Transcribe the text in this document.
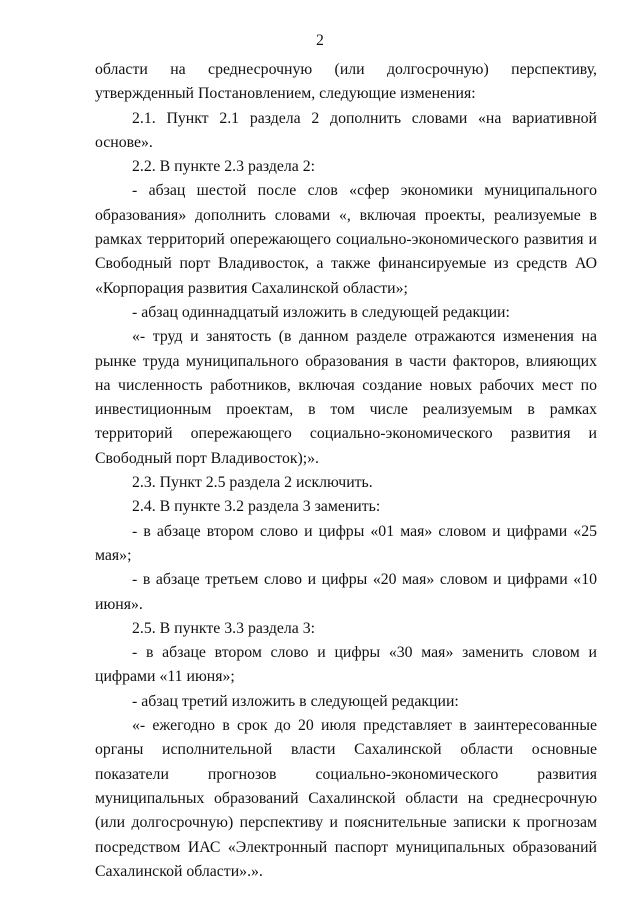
2

области на среднесрочную (или долгосрочную) перспективу, утвержденный Постановлением, следующие изменения:

2.1. Пункт 2.1 раздела 2 дополнить словами «на вариативной основе».

2.2. В пункте 2.3 раздела 2:

- абзац шестой после слов «сфер экономики муниципального образования» дополнить словами «, включая проекты, реализуемые в рамках территорий опережающего социально-экономического развития и Свободный порт Владивосток, а также финансируемые из средств АО «Корпорация развития Сахалинской области»;

- абзац одиннадцатый изложить в следующей редакции:

«- труд и занятость (в данном разделе отражаются изменения на рынке труда муниципального образования в части факторов, влияющих на численность работников, включая создание новых рабочих мест по инвестиционным проектам, в том числе реализуемым в рамках территорий опережающего социально-экономического развития и Свободный порт Владивосток);».

2.3. Пункт 2.5 раздела 2 исключить.

2.4. В пункте 3.2 раздела 3 заменить:

- в абзаце втором слово и цифры «01 мая» словом и цифрами «25 мая»;

- в абзаце третьем слово и цифры «20 мая» словом и цифрами «10 июня».

2.5. В пункте 3.3 раздела 3:

- в абзаце втором слово и цифры «30 мая» заменить словом и цифрами «11 июня»;

- абзац третий изложить в следующей редакции:

«- ежегодно в срок до 20 июля представляет в заинтересованные органы исполнительной власти Сахалинской области основные показатели прогнозов социально-экономического развития муниципальных образований Сахалинской области на среднесрочную (или долгосрочную) перспективу и пояснительные записки к прогнозам посредством ИАС «Электронный паспорт муниципальных образований Сахалинской области».».
